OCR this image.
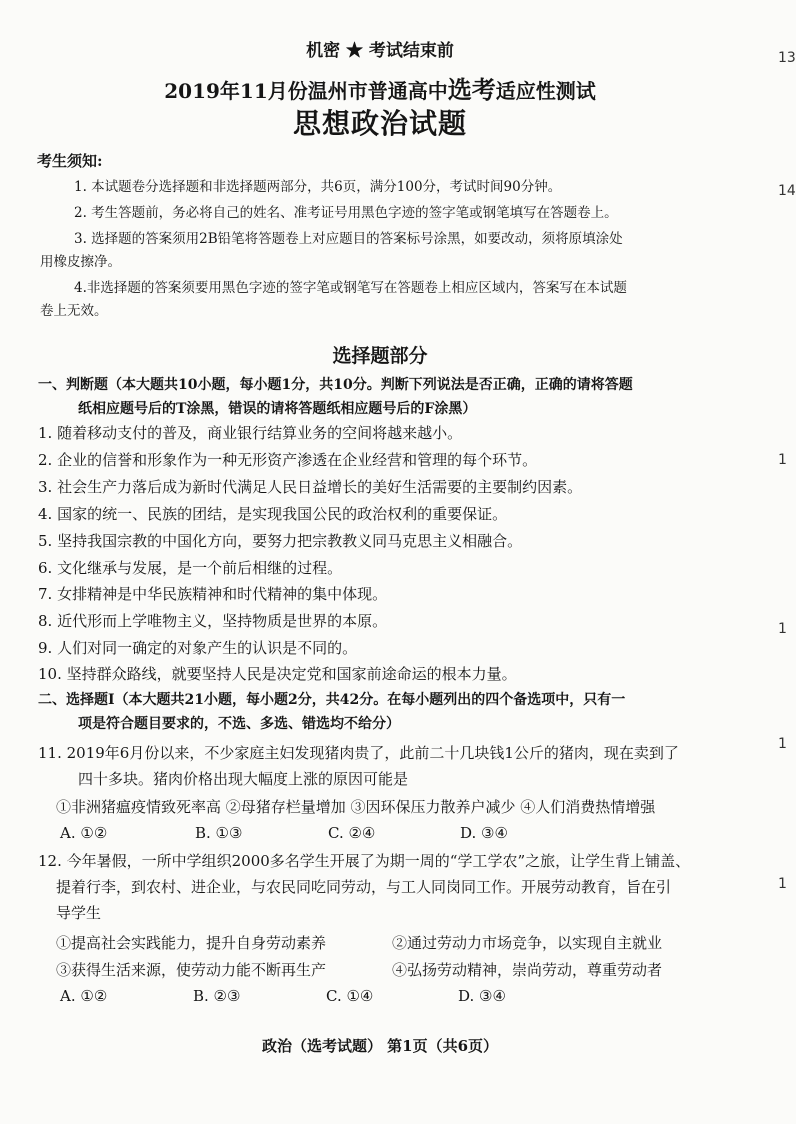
13
14
1
1
1
1
机密 ★ 考试结束前
2019年11月份温州市普通高中选考适应性测试
思想政治试题
考生须知:
1. 本试题卷分选择题和非选择题两部分，共6页，满分100分，考试时间90分钟。
2. 考生答题前，务必将自己的姓名、准考证号用黑色字迹的签字笔或钢笔填写在答题卷上。
3. 选择题的答案须用2B铅笔将答题卷上对应题目的答案标号涂黑，如要改动，须将原填涂处
用橡皮擦净。
4.非选择题的答案须要用黑色字迹的签字笔或钢笔写在答题卷上相应区域内，答案写在本试题
卷上无效。
选择题部分
一、判断题（本大题共10小题，每小题1分，共10分。判断下列说法是否正确，正确的请将答题
纸相应题号后的T涂黑，错误的请将答题纸相应题号后的F涂黑）
1. 随着移动支付的普及，商业银行结算业务的空间将越来越小。
2. 企业的信誉和形象作为一种无形资产渗透在企业经营和管理的每个环节。
3. 社会生产力落后成为新时代满足人民日益增长的美好生活需要的主要制约因素。
4. 国家的统一、民族的团结，是实现我国公民的政治权利的重要保证。
5. 坚持我国宗教的中国化方向，要努力把宗教教义同马克思主义相融合。
6. 文化继承与发展，是一个前后相继的过程。
7. 女排精神是中华民族精神和时代精神的集中体现。
8. 近代形而上学唯物主义，坚持物质是世界的本原。
9. 人们对同一确定的对象产生的认识是不同的。
10. 坚持群众路线，就要坚持人民是决定党和国家前途命运的根本力量。
二、选择题Ⅰ（本大题共21小题，每小题2分，共42分。在每小题列出的四个备选项中，只有一
项是符合题目要求的，不选、多选、错选均不给分）
11. 2019年6月份以来，不少家庭主妇发现猪肉贵了，此前二十几块钱1公斤的猪肉，现在卖到了
四十多块。猪肉价格出现大幅度上涨的原因可能是
①非洲猪瘟疫情致死率高 ②母猪存栏量增加 ③因环保压力散养户减少 ④人们消费热情增强
A. ①②	B. ①③	C. ②④	D. ③④
12. 今年暑假，一所中学组织2000多名学生开展了为期一周的“学工学农”之旅，让学生背上铺盖、
提着行李，到农村、进企业，与农民同吃同劳动，与工人同岗同工作。开展劳动教育，旨在引
导学生
①提高社会实践能力，提升自身劳动素养	②通过劳动力市场竞争，以实现自主就业
③获得生活来源，使劳动力能不断再生产	④弘扬劳动精神，崇尚劳动，尊重劳动者
A. ①②	B. ②③	C. ①④	D. ③④
政治（选考试题） 第1页（共6页）
